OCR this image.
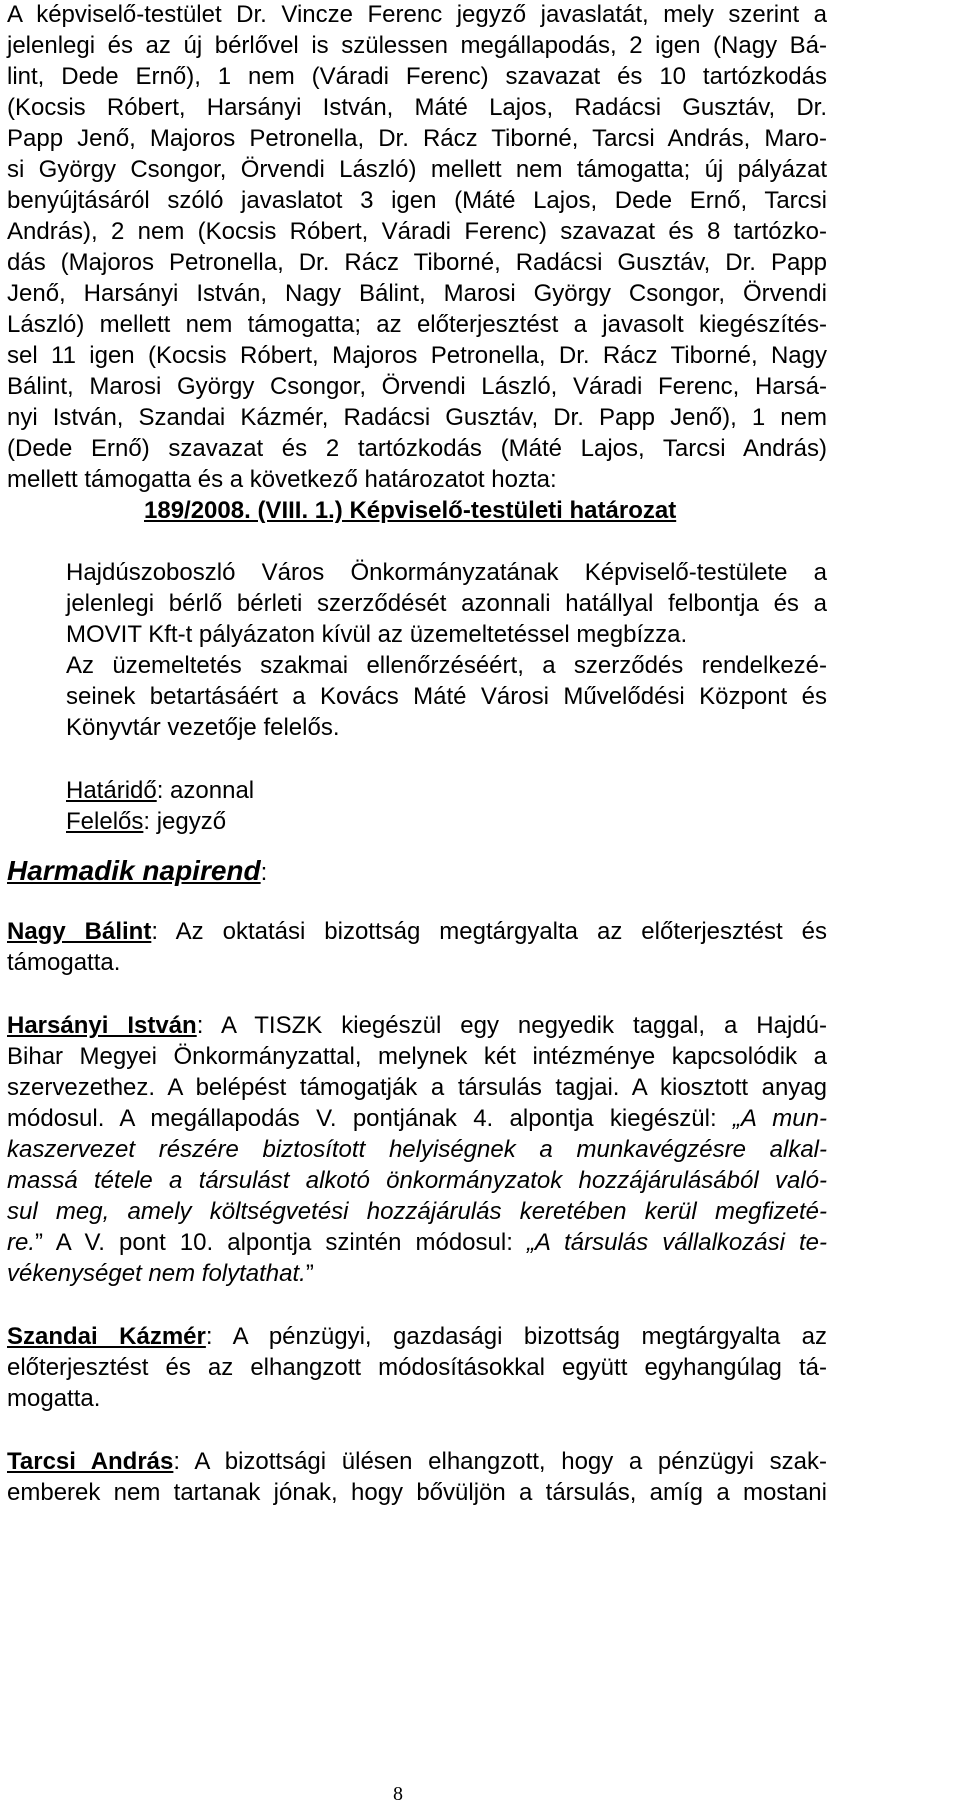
A képviselő-testület Dr. Vincze Ferenc jegyző javaslatát, mely szerint a
jelenlegi és az új bérlővel is szülessen megállapodás, 2 igen (Nagy Bá-
lint, Dede Ernő), 1 nem (Váradi Ferenc) szavazat és 10 tartózkodás
(Kocsis Róbert, Harsányi István, Máté Lajos, Radácsi Gusztáv, Dr.
Papp Jenő, Majoros Petronella, Dr. Rácz Tiborné, Tarcsi András, Maro-
si György Csongor, Örvendi László) mellett nem támogatta; új pályázat
benyújtásáról szóló javaslatot 3 igen (Máté Lajos, Dede Ernő, Tarcsi
András), 2 nem (Kocsis Róbert, Váradi Ferenc) szavazat és 8 tartózko-
dás (Majoros Petronella, Dr. Rácz Tiborné, Radácsi Gusztáv, Dr. Papp
Jenő, Harsányi István, Nagy Bálint, Marosi György Csongor, Örvendi
László) mellett nem támogatta; az előterjesztést a javasolt kiegészítés-
sel 11 igen (Kocsis Róbert, Majoros Petronella, Dr. Rácz Tiborné, Nagy
Bálint, Marosi György Csongor, Örvendi László, Váradi Ferenc, Harsá-
nyi István, Szandai Kázmér, Radácsi Gusztáv, Dr. Papp Jenő), 1 nem
(Dede Ernő) szavazat és 2 tartózkodás (Máté Lajos, Tarcsi András)
mellett támogatta és a következő határozatot hozta:
189/2008. (VIII. 1.) Képviselő-testületi határozat
Hajdúszoboszló Város Önkormányzatának Képviselő-testülete a
jelenlegi bérlő bérleti szerződését azonnali hatállyal felbontja és a
MOVIT Kft-t pályázaton kívül az üzemeltetéssel megbízza.
Az üzemeltetés szakmai ellenőrzéséért, a szerződés rendelkezé-
seinek betartásáért a Kovács Máté Városi Művelődési Központ és
Könyvtár vezetője felelős.
Határidő: azonnal
Felelős: jegyző
Harmadik napirend:
Nagy Bálint: Az oktatási bizottság megtárgyalta az előterjesztést és
támogatta.
Harsányi István: A TISZK kiegészül egy negyedik taggal, a Hajdú-
Bihar Megyei Önkormányzattal, melynek két intézménye kapcsolódik a
szervezethez. A belépést támogatják a társulás tagjai. A kiosztott anyag
módosul. A megállapodás V. pontjának 4. alpontja kiegészül: „A mun-
kaszervezet részére biztosított helyiségnek a munkavégzésre alkal-
massá tétele a társulást alkotó önkormányzatok hozzájárulásából való-
sul meg, amely költségvetési hozzájárulás keretében kerül megfizeté-
re.” A V. pont 10. alpontja szintén módosul: „A társulás vállalkozási te-
vékenységet nem folytathat.”
Szandai Kázmér: A pénzügyi, gazdasági bizottság megtárgyalta az
előterjesztést és az elhangzott módosításokkal együtt egyhangúlag tá-
mogatta.
Tarcsi András: A bizottsági ülésen elhangzott, hogy a pénzügyi szak-
emberek nem tartanak jónak, hogy bővüljön a társulás, amíg a mostani
8
